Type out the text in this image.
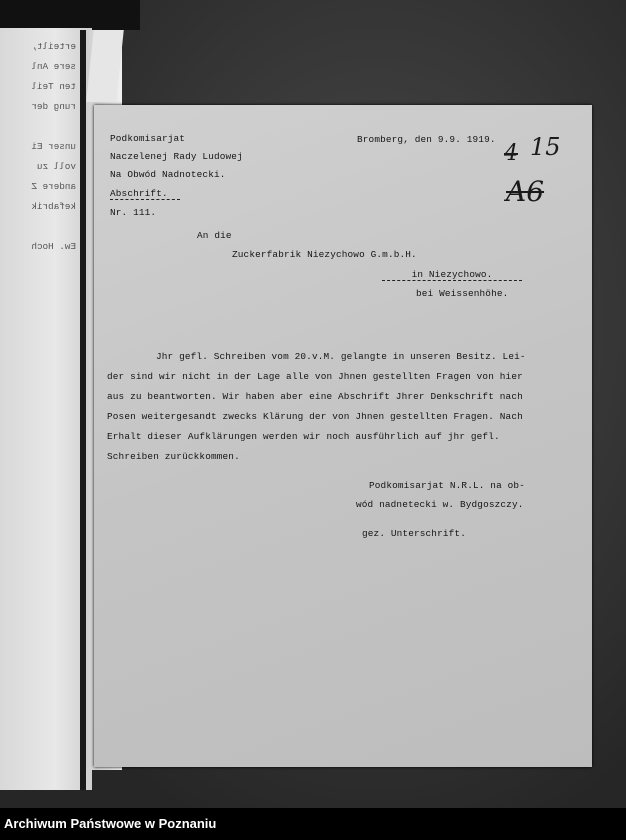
erteilt,
sere Anl
ten Teil
rung der
unser Ei
voll zu
andere Z
kefabrik
Ew. Hoch
Podkomisarjat
Naczelenej Rady Ludowej
Na Obwód Nadnotecki.
Abschrift.
Nr. 111.
Bromberg, den 9.9. 1919.
4 15
A6
An die
Zuckerfabrik Niezychowo G.m.b.H.
in Niezychowo.
bei Weissenhöhe.
Jhr gefl. Schreiben vom 20.v.M. gelangte in unseren Besitz. Lei-
der sind wir nicht in der Lage alle von Jhnen gestellten Fragen von hier
aus zu beantworten. Wir haben aber eine Abschrift Jhrer Denkschrift nach
Posen weitergesandt zwecks Klärung der von Jhnen gestellten Fragen. Nach
Erhalt dieser Aufklärungen werden wir noch ausführlich auf jhr gefl.
Schreiben zurückkommen.
Podkomisarjat N.R.L. na ob-
wód nadnetecki w. Bydgoszczy.
gez. Unterschrift.
Archiwum Państwowe w Poznaniu
